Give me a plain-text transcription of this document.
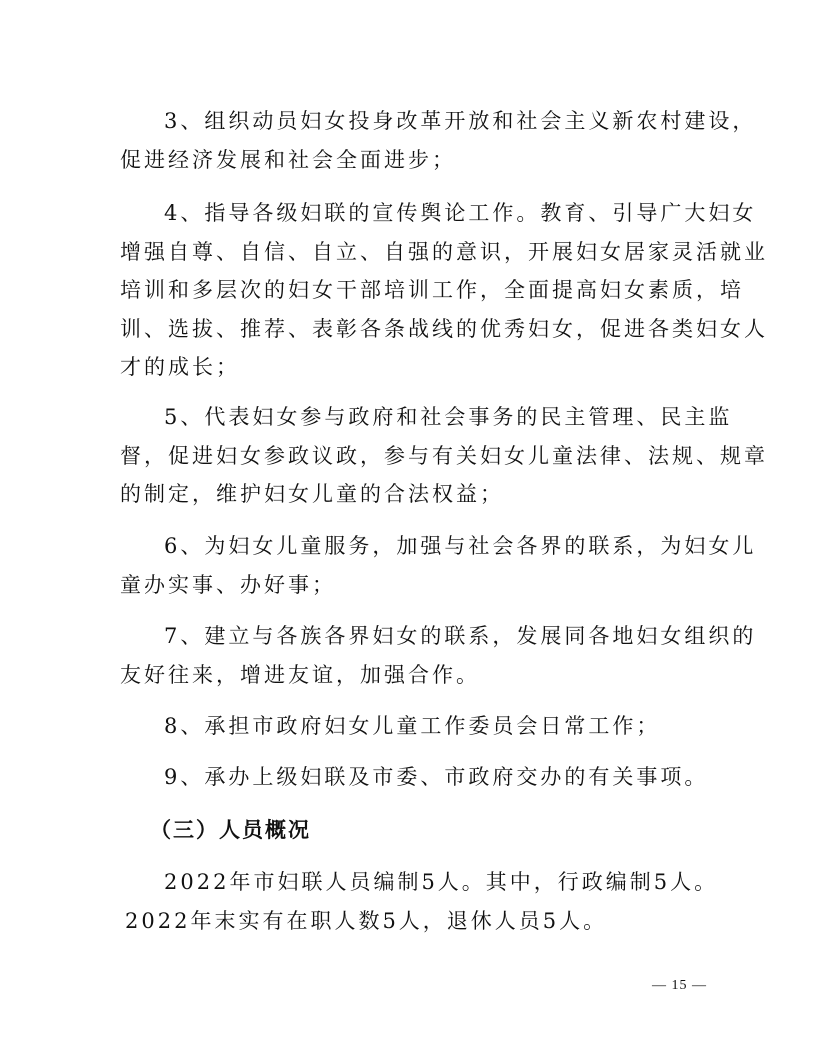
3、组织动员妇女投身改革开放和社会主义新农村建设，
促进经济发展和社会全面进步；

4、指导各级妇联的宣传舆论工作。教育、引导广大妇女
增强自尊、自信、自立、自强的意识，开展妇女居家灵活就业
培训和多层次的妇女干部培训工作，全面提高妇女素质，培
训、选拔、推荐、表彰各条战线的优秀妇女，促进各类妇女人
才的成长；

5、代表妇女参与政府和社会事务的民主管理、民主监
督，促进妇女参政议政，参与有关妇女儿童法律、法规、规章
的制定，维护妇女儿童的合法权益；

6、为妇女儿童服务，加强与社会各界的联系，为妇女儿
童办实事、办好事；

7、建立与各族各界妇女的联系，发展同各地妇女组织的
友好往来，增进友谊，加强合作。

8、承担市政府妇女儿童工作委员会日常工作；

9、承办上级妇联及市委、市政府交办的有关事项。

（三）人员概况

2022年市妇联人员编制5人。其中，行政编制5人。
2022年末实有在职人数5人，退休人员5人。

— 15 —
